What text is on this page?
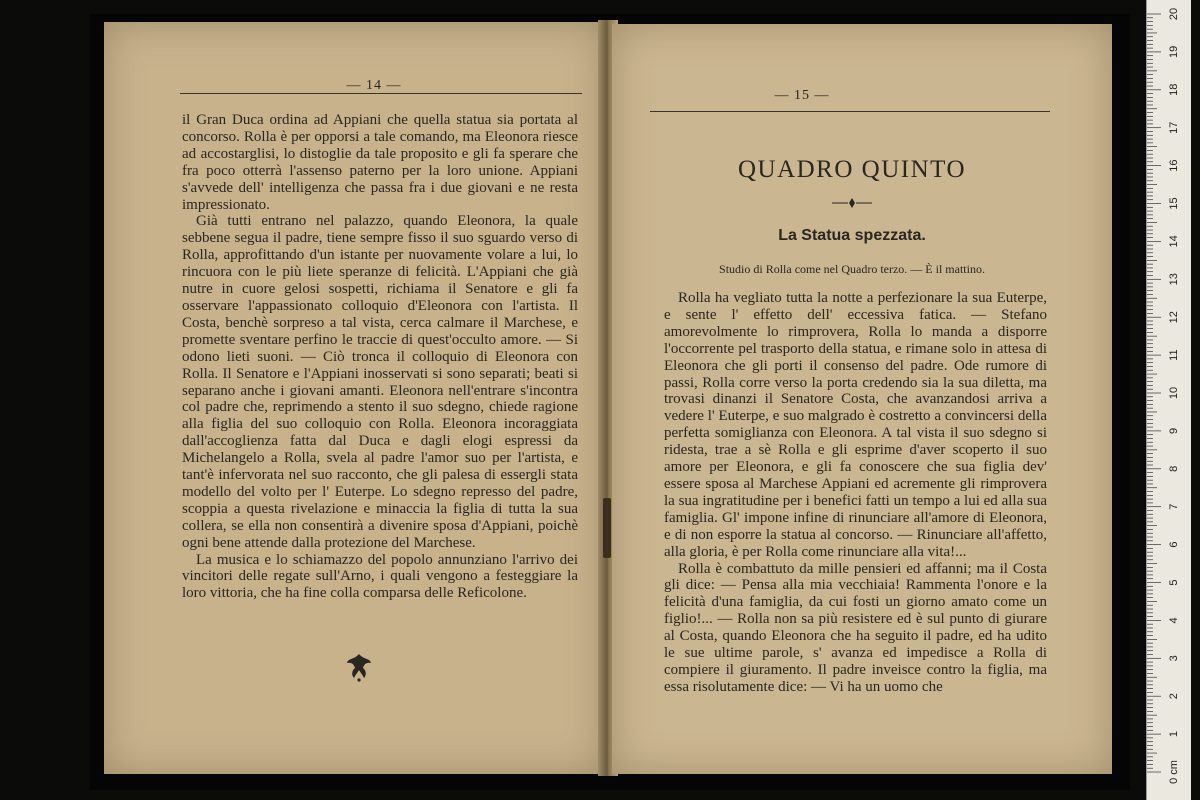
— 14 —

il Gran Duca ordina ad Appiani che quella statua sia portata al concorso. Rolla è per opporsi a tale comando, ma Eleonora riesce ad accostarglisi, lo distoglie da tale proposito e gli fa sperare che fra poco otterrà l'assenso paterno per la loro unione. Appiani s'avvede dell' intelligenza che passa fra i due giovani e ne resta impressionato.

Già tutti entrano nel palazzo, quando Eleonora, la quale sebbene segua il padre, tiene sempre fisso il suo sguardo verso di Rolla, approfittando d'un istante per nuovamente volare a lui, lo rincuora con le più liete speranze di felicità. L'Appiani che già nutre in cuore gelosi sospetti, richiama il Senatore e gli fa osservare l'appassionato colloquio d'Eleonora con l'artista. Il Costa, benchè sorpreso a tal vista, cerca calmare il Marchese, e promette sventare perfino le traccie di quest'occulto amore. — Si odono lieti suoni. — Ciò tronca il colloquio di Eleonora con Rolla. Il Senatore e l'Appiani inosservati si sono separati; beati si separano anche i giovani amanti. Eleonora nell'entrare s'incontra col padre che, reprimendo a stento il suo sdegno, chiede ragione alla figlia del suo colloquio con Rolla. Eleonora incoraggiata dall'accoglienza fatta dal Duca e dagli elogi espressi da Michelangelo a Rolla, svela al padre l'amor suo per l'artista, e tant'è infervorata nel suo racconto, che gli palesa di essergli stata modello del volto per l' Euterpe. Lo sdegno represso del padre, scoppia a questa rivelazione e minaccia la figlia di tutta la sua collera, se ella non consentirà a divenire sposa d'Appiani, poichè ogni bene attende dalla protezione del Marchese.

La musica e lo schiamazzo del popolo annunziano l'arrivo dei vincitori delle regate sull'Arno, i quali vengono a festeggiare la loro vittoria, che ha fine colla comparsa delle Reficolone.

— 15 —
QUADRO QUINTO
La Statua spezzata.
Studio di Rolla come nel Quadro terzo. — È il mattino.

Rolla ha vegliato tutta la notte a perfezionare la sua Euterpe, e sente l' effetto dell' eccessiva fatica. — Stefano amorevolmente lo rimprovera, Rolla lo manda a disporre l'occorrente pel trasporto della statua, e rimane solo in attesa di Eleonora che gli porti il consenso del padre. Ode rumore di passi, Rolla corre verso la porta credendo sia la sua diletta, ma trovasi dinanzi il Senatore Costa, che avanzandosi arriva a vedere l' Euterpe, e suo malgrado è costretto a convincersi della perfetta somiglianza con Eleonora. A tal vista il suo sdegno si ridesta, trae a sè Rolla e gli esprime d'aver scoperto il suo amore per Eleonora, e gli fa conoscere che sua figlia dev' essere sposa al Marchese Appiani ed acremente gli rimprovera la sua ingratitudine per i benefici fatti un tempo a lui ed alla sua famiglia. Gl' impone infine di rinunciare all'amore di Eleonora, e di non esporre la statua al concorso. — Rinunciare all'affetto, alla gloria, è per Rolla come rinunciare alla vita!...

Rolla è combattuto da mille pensieri ed affanni; ma il Costa gli dice: — Pensa alla mia vecchiaia! Rammenta l'onore e la felicità d'una famiglia, da cui fosti un giorno amato come un figlio!... — Rolla non sa più resistere ed è sul punto di giurare al Costa, quando Eleonora che ha seguito il padre, ed ha udito le sue ultime parole, s' avanza ed impedisce a Rolla di compiere il giuramento. Il padre inveisce contro la figlia, ma essa risolutamente dice: — Vi ha un uomo che

0 cm
1
2
3
4
5
6
7
8
9
10
11
12
13
14
15
16
17
18
19
20
